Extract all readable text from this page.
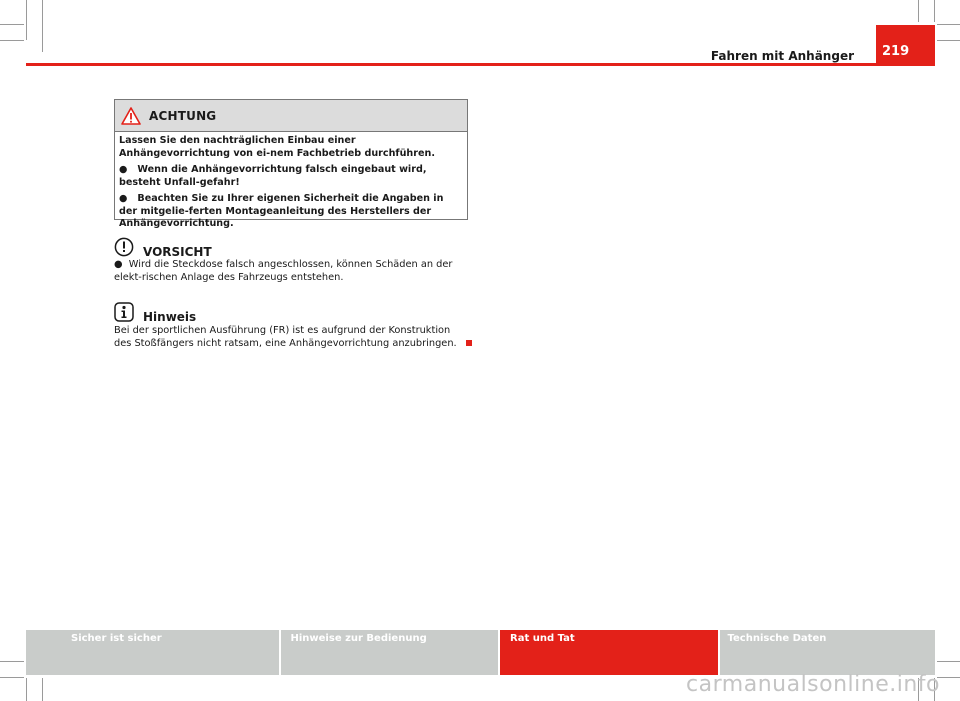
Fahren mit Anhänger	219
ACHTUNG

Lassen Sie den nachträglichen Einbau einer Anhängevorrichtung von ei-nem Fachbetrieb durchführen.

●   Wenn die Anhängevorrichtung falsch eingebaut wird, besteht Unfall-gefahr!

●   Beachten Sie zu Ihrer eigenen Sicherheit die Angaben in der mitgelie-ferten Montageanleitung des Herstellers der Anhängevorrichtung.

VORSICHT

●  Wird die Steckdose falsch angeschlossen, können Schäden an der elekt-rischen Anlage des Fahrzeugs entstehen.

Hinweis

Bei der sportlichen Ausführung (FR) ist es aufgrund der Konstruktion des Stoßfängers nicht ratsam, eine Anhängevorrichtung anzubringen.

Sicher ist sicher	Hinweise zur Bedienung	Rat und Tat	Technische Daten
carmanualsonline.info
